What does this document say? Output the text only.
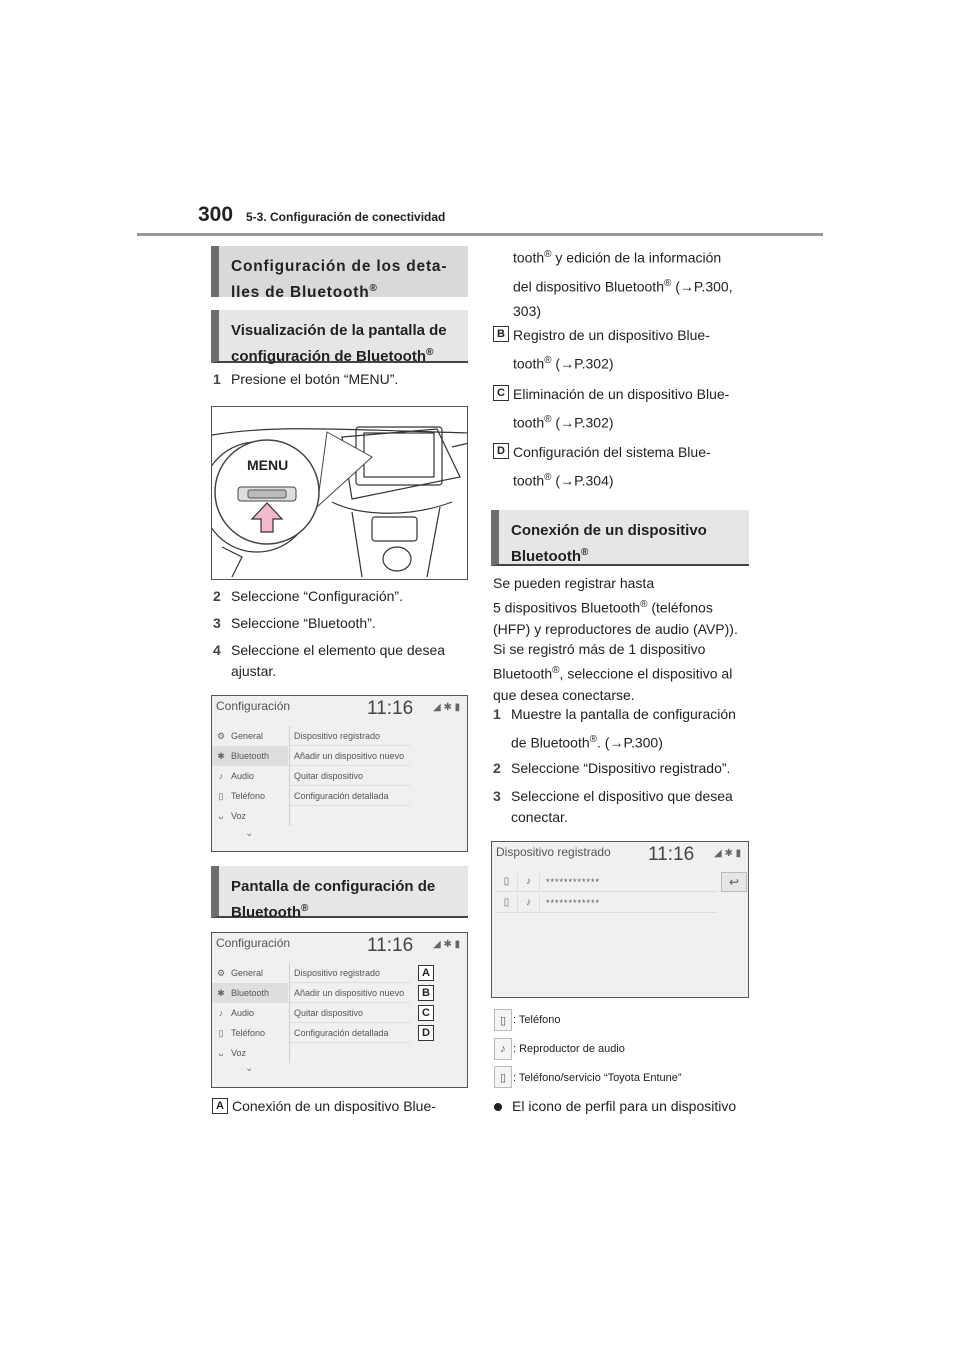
300 5-3. Configuración de conectividad
Configuración de los deta-
lles de Bluetooth®
Visualización de la pantalla de
configuración de Bluetooth®
1 Presione el botón “MENU”.
MENU
2 Seleccione “Configuración”.
3 Seleccione “Bluetooth”.
4 Seleccione el elemento que desea
ajustar.
Configuración	11:16 ◢ ✱ ▮
⚙ General
✱ Bluetooth
♪ Audio
▯ Teléfono
ᴗ Voz
Dispositivo registrado
Añadir un dispositivo nuevo
Quitar dispositivo
Configuración detallada
⌄
Pantalla de configuración de
Bluetooth®
Configuración	11:16 ◢ ✱ ▮
⚙ General
✱ Bluetooth
♪ Audio
▯ Teléfono
ᴗ Voz
Dispositivo registrado
Añadir un dispositivo nuevo
Quitar dispositivo
Configuración detallada
A
B
C
D
⌄
A Conexión de un dispositivo Blue-
tooth® y edición de la información
del dispositivo Bluetooth® (→P.300,
303)
B Registro de un dispositivo Blue-
tooth® (→P.302)
C Eliminación de un dispositivo Blue-
tooth® (→P.302)
D Configuración del sistema Blue-
tooth® (→P.304)
Conexión de un dispositivo
Bluetooth®
Se pueden registrar hasta
5 dispositivos Bluetooth® (teléfonos
(HFP) y reproductores de audio (AVP)).
Si se registró más de 1 dispositivo
Bluetooth®, seleccione el dispositivo al
que desea conectarse.
1 Muestre la pantalla de configuración
de Bluetooth®. (→P.300)
2 Seleccione “Dispositivo registrado”.
3 Seleccione el dispositivo que desea
conectar.
Dispositivo registrado 11:16 ◢ ✱ ▮
▯	♪	************
▯	♪	************
↩
▯ : Teléfono
♪ : Reproductor de audio
▯ : Teléfono/servicio “Toyota Entune”
El icono de perfil para un dispositivo
